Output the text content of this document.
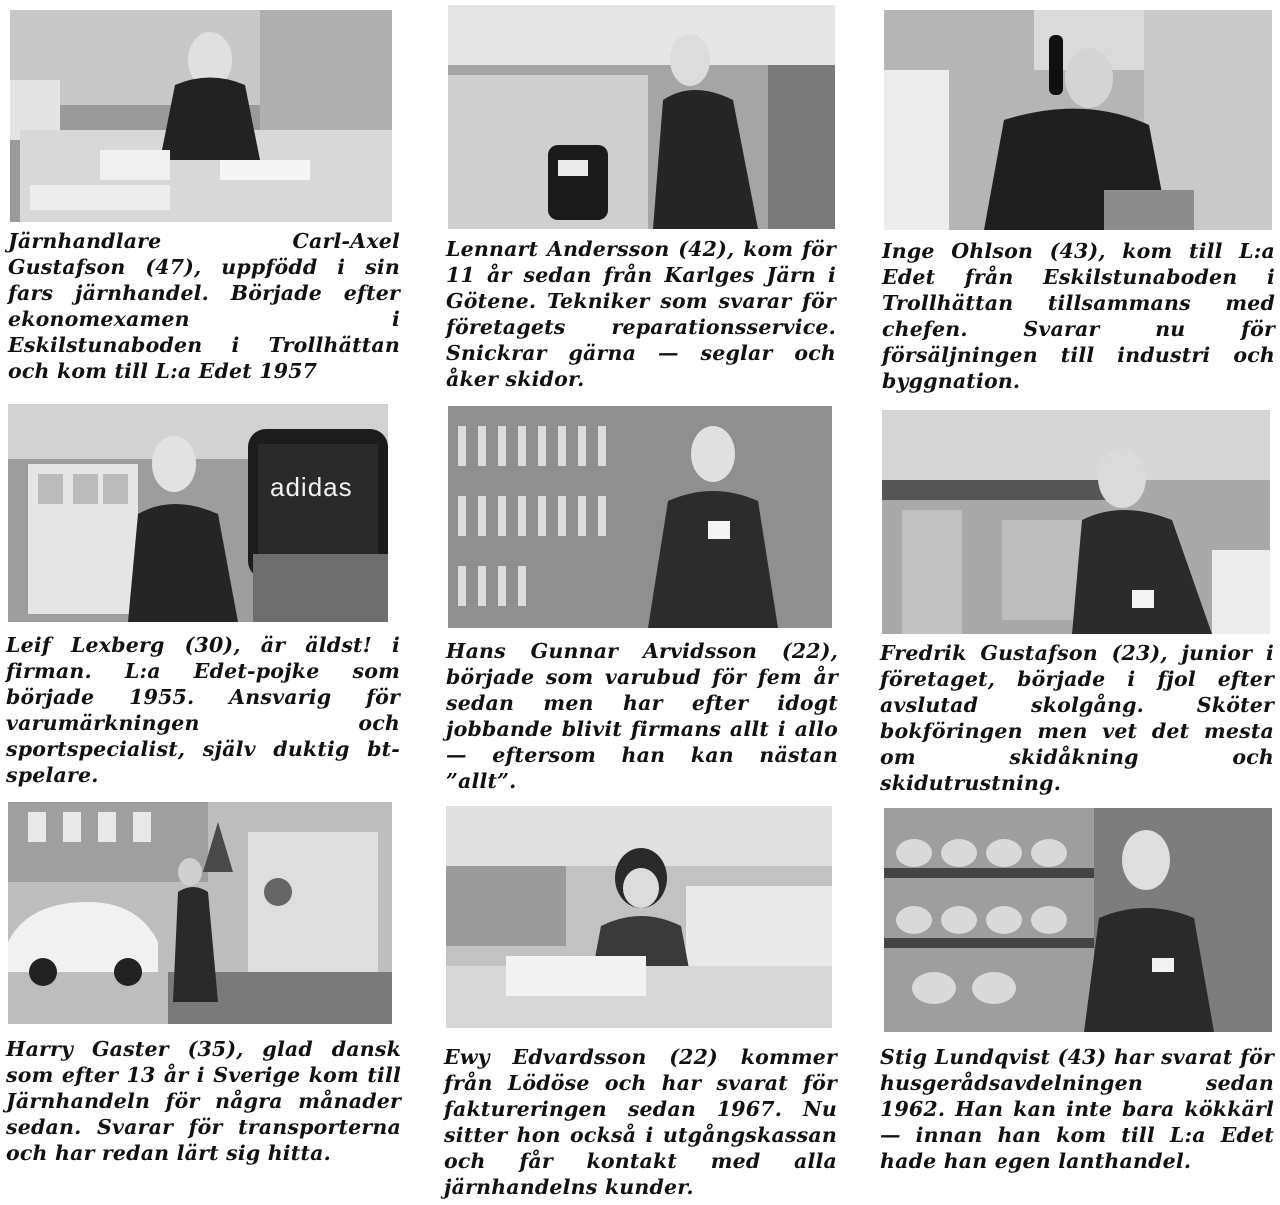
Järnhandlare Carl-Axel Gustafson (47), uppfödd i sin fars järnhandel. Började efter ekonomexamen i Eskilstunaboden i Trollhättan och kom till L:a Edet 1957
Lennart Andersson (42), kom för 11 år sedan från Karlges Järn i Götene. Tekniker som svarar för företagets reparationsservice. Snickrar gärna — seglar och åker skidor.
Inge Ohlson (43), kom till L:a Edet från Eskilstunaboden i Trollhättan tillsammans med chefen. Svarar nu för försäljningen till industri och byggnation.
adidas
Leif Lexberg (30), är äldst! i firman. L:a Edet-pojke som började 1955. Ansvarig för varumärkningen och sportspecialist, själv duktig bt-spelare.
Hans Gunnar Arvidsson (22), började som varubud för fem år sedan men har efter idogt jobbande blivit firmans allt i allo — eftersom han kan nästan ”allt”.
Fredrik Gustafson (23), junior i företaget, började i fjol efter avslutad skolgång. Sköter bokföringen men vet det mesta om skidåkning och skidutrustning.
Harry Gaster (35), glad dansk som efter 13 år i Sverige kom till Järnhandeln för några månader sedan. Svarar för transporterna och har redan lärt sig hitta.
Ewy Edvardsson (22) kommer från Lödöse och har svarat för faktureringen sedan 1967. Nu sitter hon också i utgångskassan och får kontakt med alla järnhandelns kunder.
Stig Lundqvist (43) har svarat för husgerådsavdelningen sedan 1962. Han kan inte bara kökkärl — innan han kom till L:a Edet hade han egen lanthandel.
